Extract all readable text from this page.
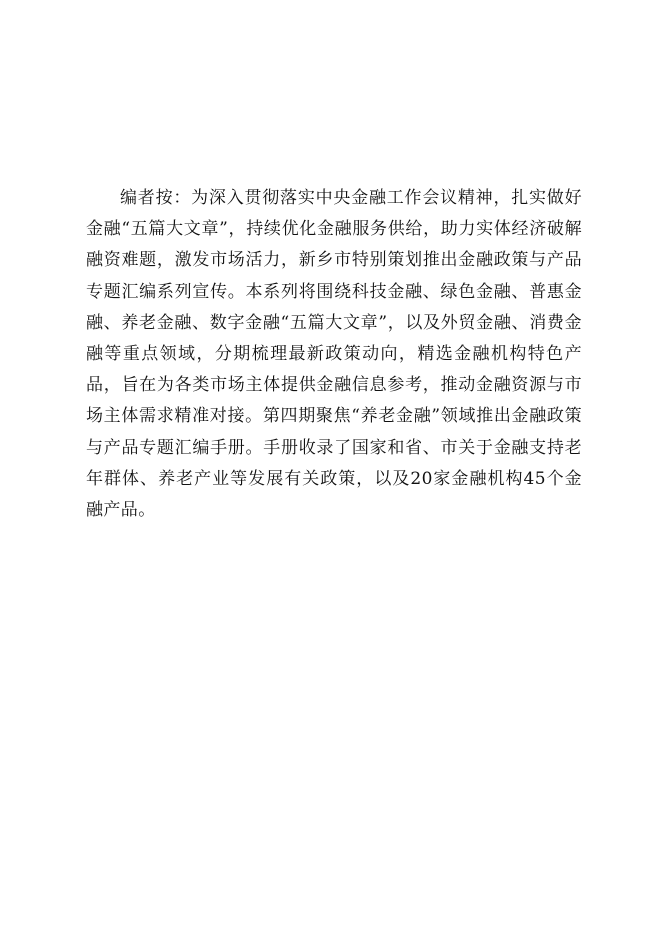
编者按：为深入贯彻落实中央金融工作会议精神，扎实做好金融“五篇大文章”，持续优化金融服务供给，助力实体经济破解融资难题，激发市场活力，新乡市特别策划推出金融政策与产品专题汇编系列宣传。本系列将围绕科技金融、绿色金融、普惠金融、养老金融、数字金融“五篇大文章”，以及外贸金融、消费金融等重点领域，分期梳理最新政策动向，精选金融机构特色产品，旨在为各类市场主体提供金融信息参考，推动金融资源与市场主体需求精准对接。第四期聚焦“养老金融”领域推出金融政策与产品专题汇编手册。手册收录了国家和省、市关于金融支持老年群体、养老产业等发展有关政策，以及20家金融机构45个金融产品。
